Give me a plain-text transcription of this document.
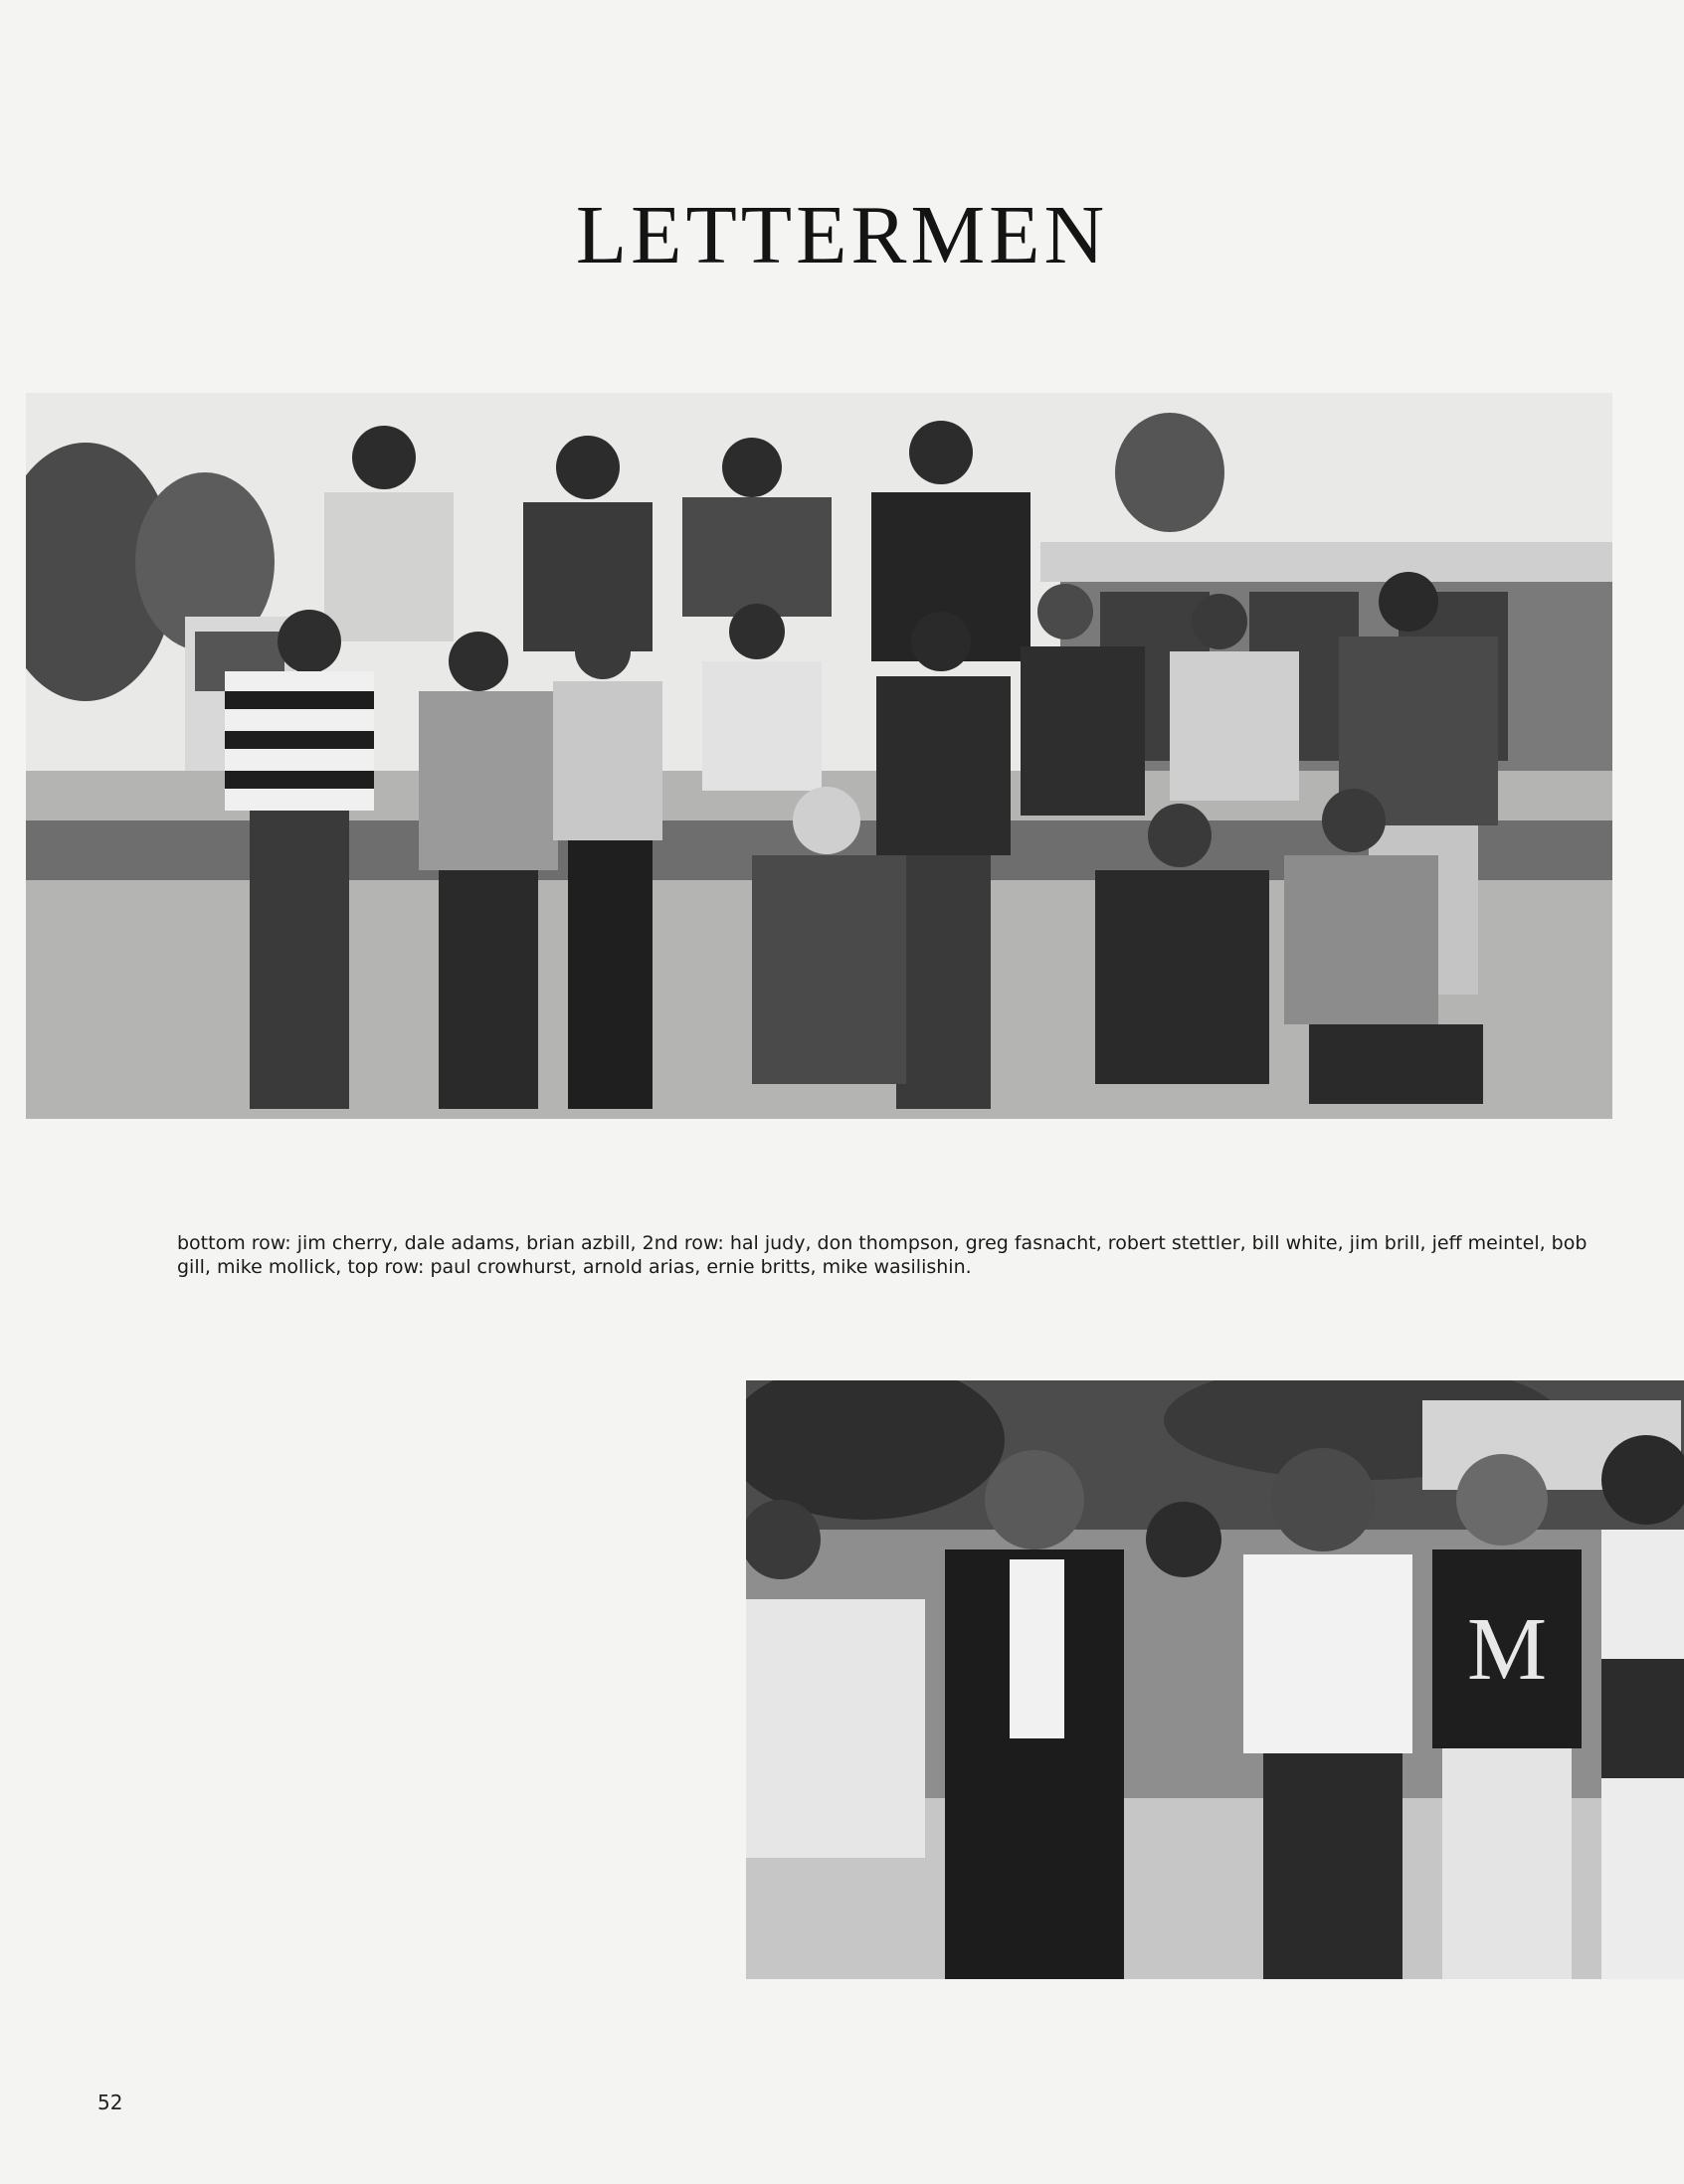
LETTERMEN

bottom row: jim cherry, dale adams, brian azbill, 2nd row: hal judy, don thompson, greg fasnacht, robert stettler, bill white, jim brill, jeff meintel, bob gill, mike mollick, top row: paul crowhurst, arnold arias, ernie britts, mike wasilishin.

M
52
